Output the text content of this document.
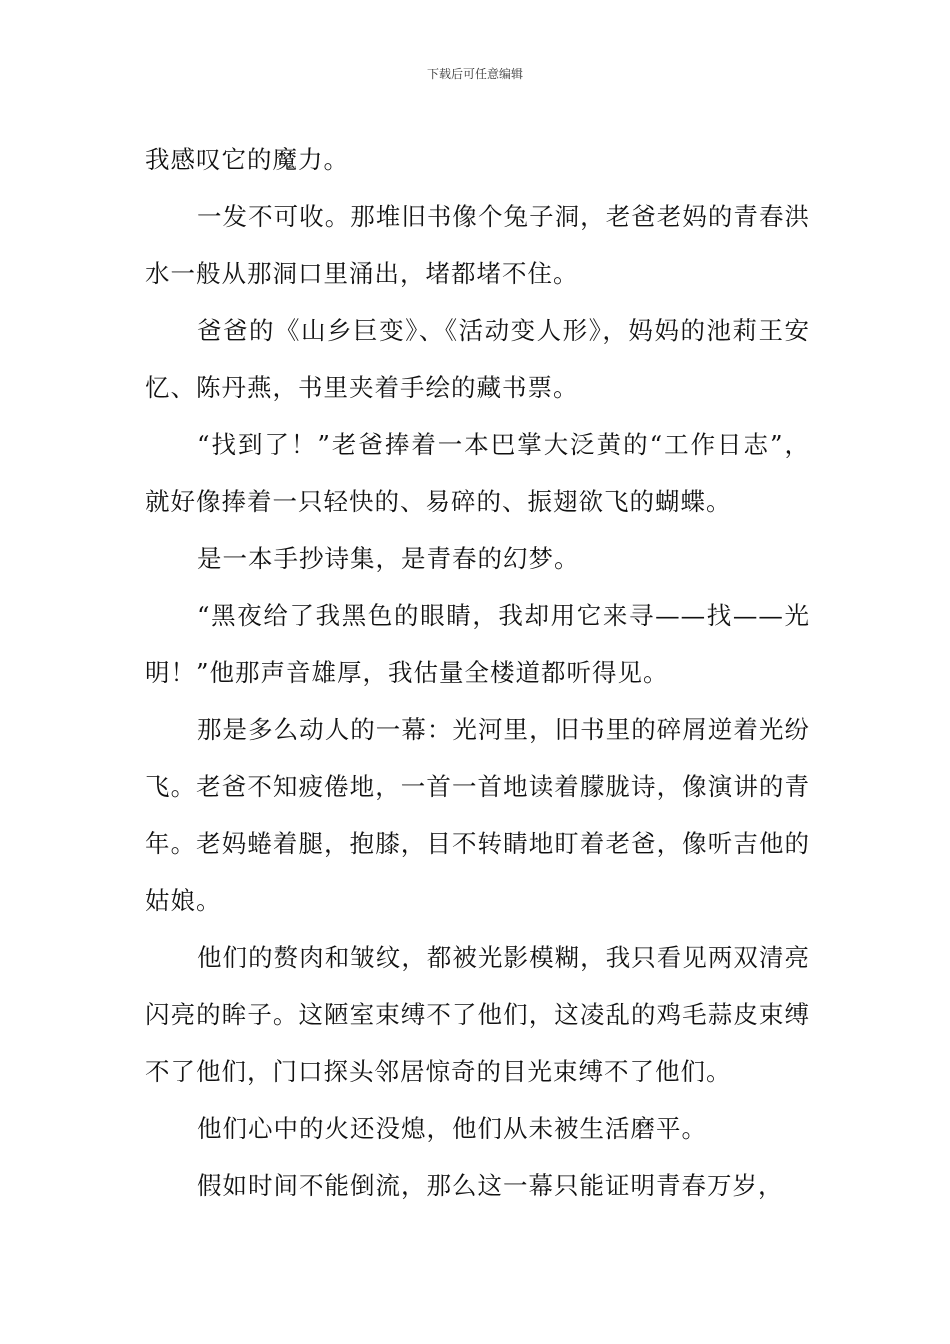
下载后可任意编辑

我感叹它的魔力。

一发不可收。那堆旧书像个兔子洞，老爸老妈的青春洪水一般从那洞口里涌出，堵都堵不住。

爸爸的《山乡巨变》、《活动变人形》，妈妈的池莉王安忆、陈丹燕，书里夹着手绘的藏书票。

“找到了！”老爸捧着一本巴掌大泛黄的“工作日志”，就好像捧着一只轻快的、易碎的、振翅欲飞的蝴蝶。

是一本手抄诗集，是青春的幻梦。

“黑夜给了我黑色的眼睛，我却用它来寻——找——光明！”他那声音雄厚，我估量全楼道都听得见。

那是多么动人的一幕：光河里，旧书里的碎屑逆着光纷飞。老爸不知疲倦地，一首一首地读着朦胧诗，像演讲的青年。老妈蜷着腿，抱膝，目不转睛地盯着老爸，像听吉他的姑娘。

他们的赘肉和皱纹，都被光影模糊，我只看见两双清亮闪亮的眸子。这陋室束缚不了他们，这凌乱的鸡毛蒜皮束缚不了他们，门口探头邻居惊奇的目光束缚不了他们。

他们心中的火还没熄，他们从未被生活磨平。

假如时间不能倒流，那么这一幕只能证明青春万岁，
